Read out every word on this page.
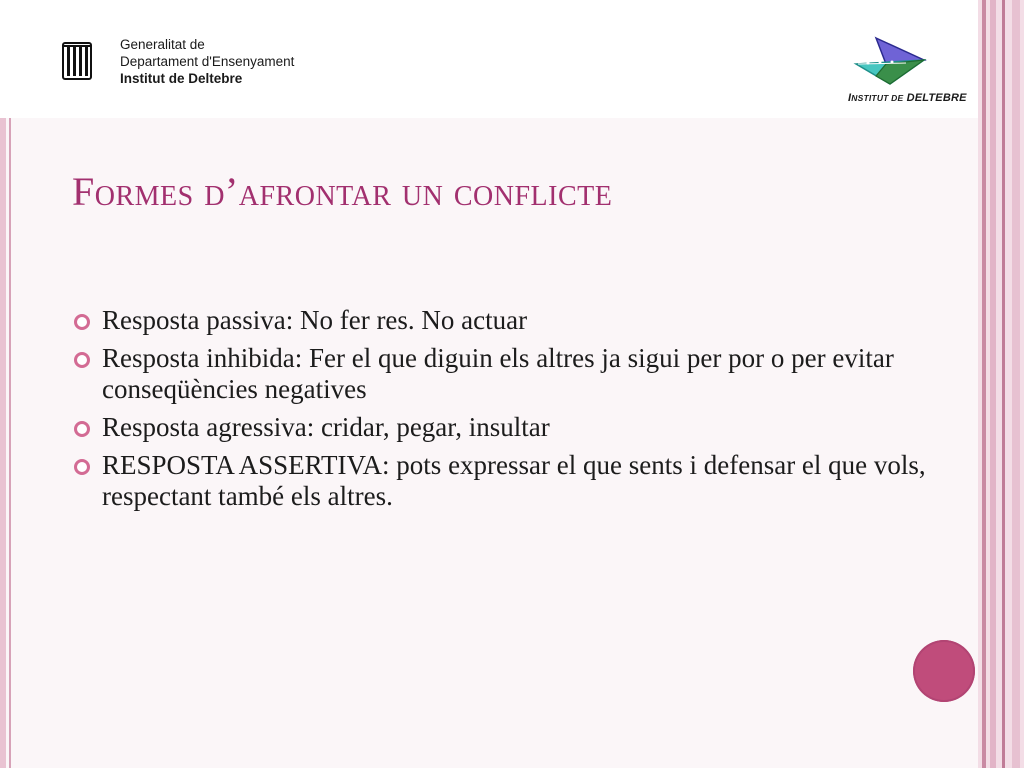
Generalitat de
Departament d'Ensenyament
Institut de Deltebre
INSTITUT DE DELTEBRE
Formes d’afrontar un conflicte
Resposta passiva: No fer res. No actuar
Resposta inhibida: Fer el que diguin els altres ja sigui per por o per evitar conseqüències negatives
Resposta agressiva: cridar, pegar, insultar
RESPOSTA ASSERTIVA: pots expressar el que sents i defensar el que vols, respectant també els altres.
